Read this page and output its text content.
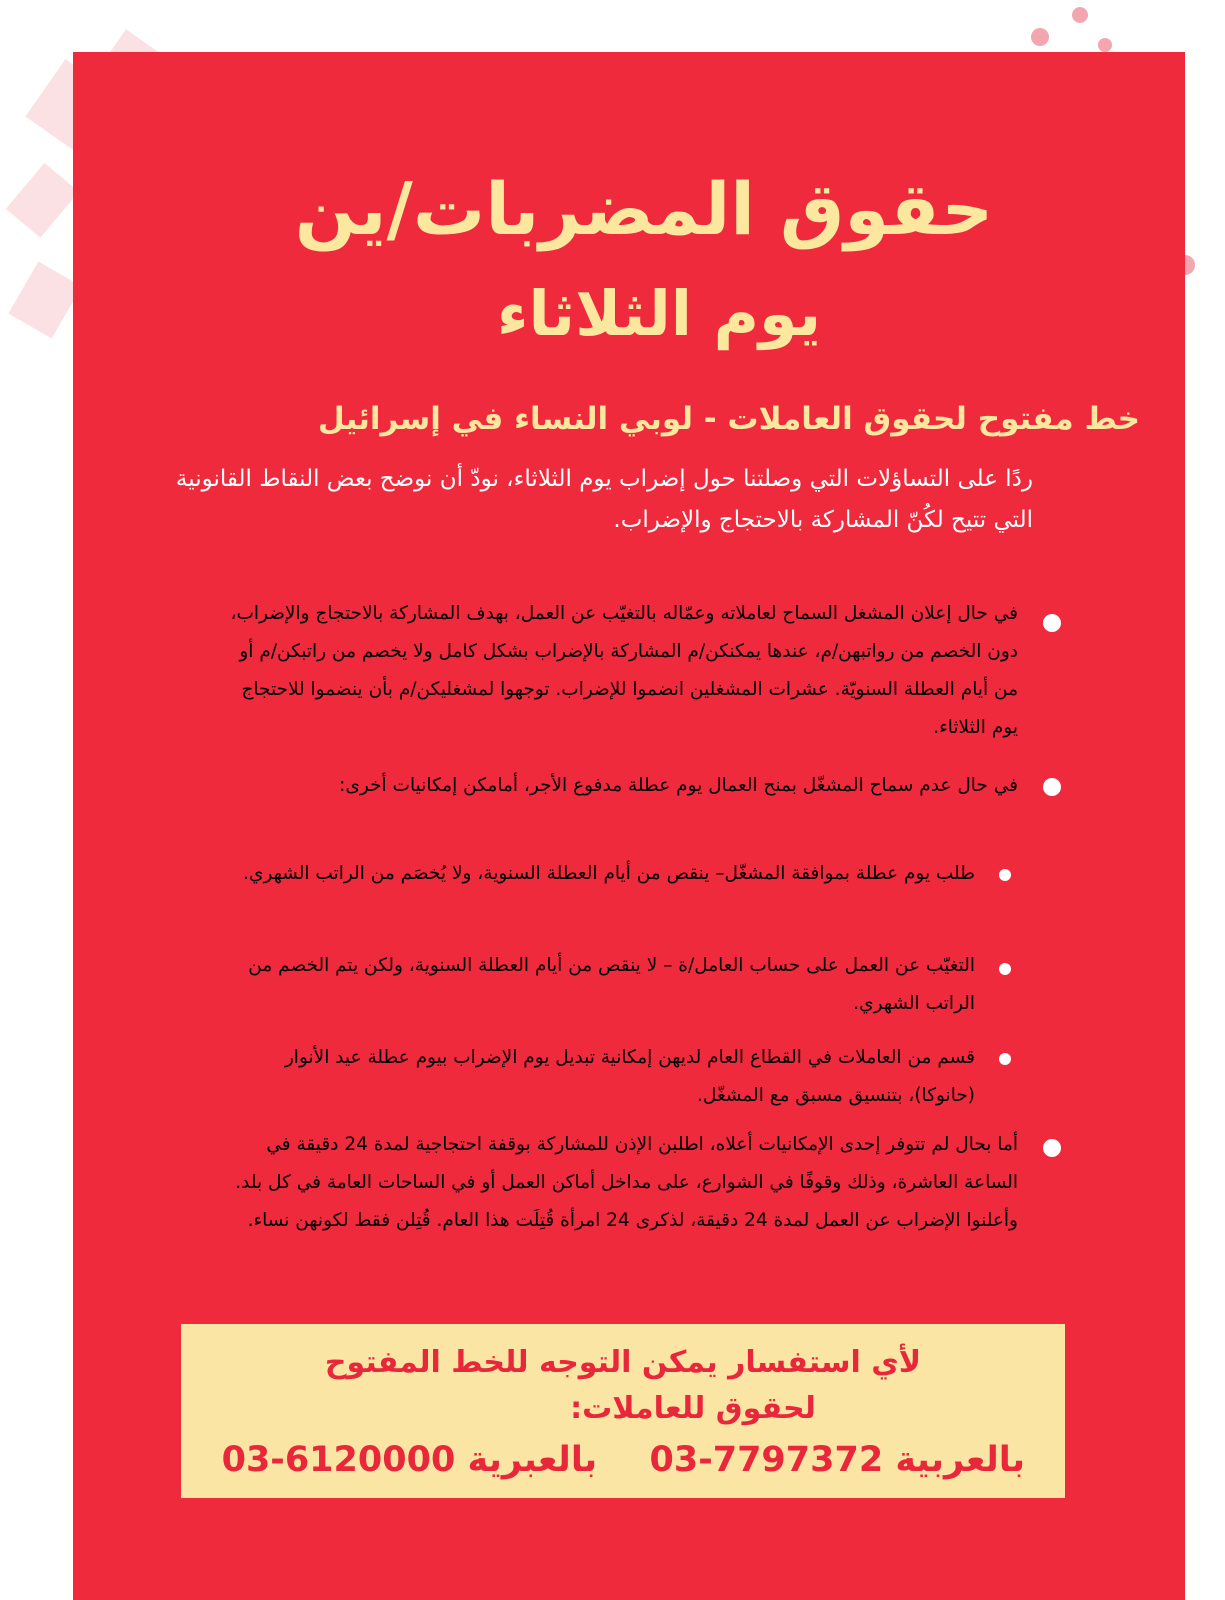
حقوق المضربات/ين
يوم الثلاثاء
خط مفتوح لحقوق العاملات - لوبي النساء في إسرائيل
ردًا على التساؤلات التي وصلتنا حول إضراب يوم الثلاثاء، نودّ أن نوضح بعض النقاط القانونية التي تتيح لكُنّ المشاركة بالاحتجاج والإضراب.
في حال إعلان المشغل السماح لعاملاته وعمّاله بالتغيّب عن العمل، بهدف المشاركة بالاحتجاج والإضراب، دون الخصم من رواتبهن/م، عندها يمكنكن/م المشاركة بالإضراب بشكل كامل ولا يخصم من راتبكن/م أو من أيام العطلة السنويّة. عشرات المشغلين انضموا للإضراب. توجهوا لمشغليكن/م بأن ينضموا للاحتجاج يوم الثلاثاء.
في حال عدم سماح المشغّل بمنح العمال يوم عطلة مدفوع الأجر، أمامكن إمكانيات أخرى:
طلب يوم عطلة بموافقة المشغّل– ينقص من أيام العطلة السنوية، ولا يُخصَم من الراتب الشهري.
التغيّب عن العمل على حساب العامل/ة – لا ينقص من أيام العطلة السنوية، ولكن يتم الخصم من الراتب الشهري.
قسم من العاملات في القطاع العام لديهن إمكانية تبديل يوم الإضراب بيوم عطلة عيد الأنوار (حانوكا)، بتنسيق مسبق مع المشغّل.
أما بحال لم تتوفر إحدى الإمكانيات أعلاه، اطلبن الإذن للمشاركة بوقفة احتجاجية لمدة 24 دقيقة في الساعة العاشرة، وذلك وقوفًا في الشوارع، على مداخل أماكن العمل أو في الساحات العامة في كل بلد. وأعلنوا الإضراب عن العمل لمدة 24 دقيقة، لذكرى 24 امرأة قُتِلَت هذا العام. قُتِلن فقط لكونهن نساء.
لأي استفسار يمكن التوجه للخط المفتوح
لحقوق للعاملات:
بالعربية 03-7797372  بالعبرية 03-6120000
